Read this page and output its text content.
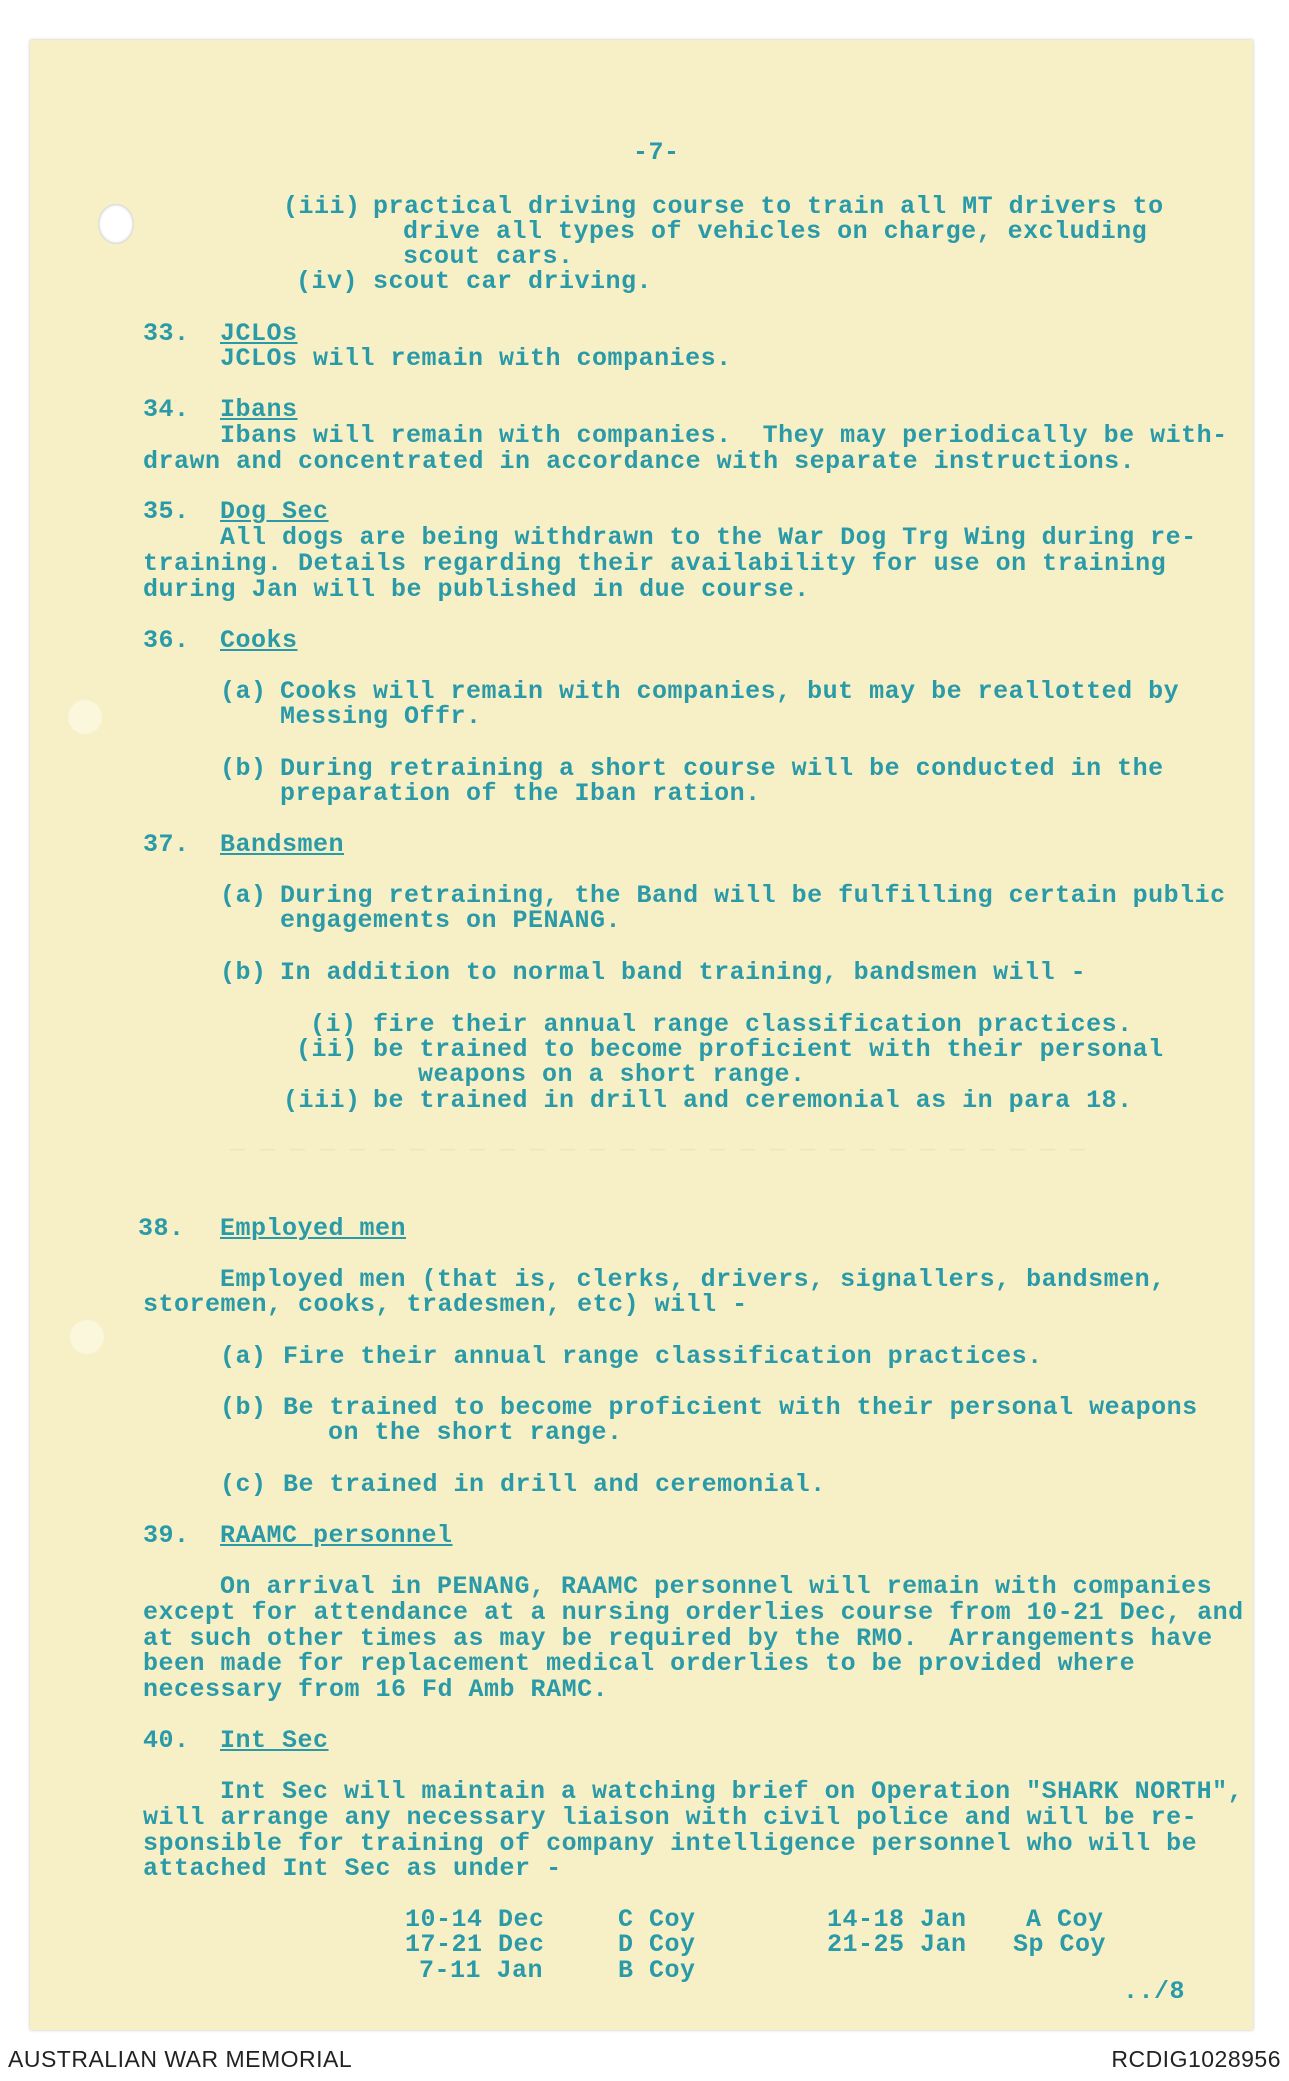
— — — — — — — — — — — — — — — — — — — — — — — — — — — — —
-7-
(iii) practical driving course to train all MT drivers to
drive all types of vehicles on charge, excluding
scout cars.
(iv) scout car driving.
33. JCLOs
JCLOs will remain with companies.
34. Ibans
Ibans will remain with companies.  They may periodically be with-
drawn and concentrated in accordance with separate instructions.
35. Dog Sec
All dogs are being withdrawn to the War Dog Trg Wing during re-
training. Details regarding their availability for use on training
during Jan will be published in due course.
36. Cooks
(a) Cooks will remain with companies, but may be reallotted by
Messing Offr.
(b) During retraining a short course will be conducted in the
preparation of the Iban ration.
37. Bandsmen
(a) During retraining, the Band will be fulfilling certain public
engagements on PENANG.
(b) In addition to normal band training, bandsmen will -
(i) fire their annual range classification practices.
(ii) be trained to become proficient with their personal
weapons on a short range.
(iii) be trained in drill and ceremonial as in para 18.
38. Employed men
Employed men (that is, clerks, drivers, signallers, bandsmen,
storemen, cooks, tradesmen, etc) will -
(a) Fire their annual range classification practices.
(b) Be trained to become proficient with their personal weapons
on the short range.
(c) Be trained in drill and ceremonial.
39. RAAMC personnel
On arrival in PENANG, RAAMC personnel will remain with companies
except for attendance at a nursing orderlies course from 10-21 Dec, and
at such other times as may be required by the RMO.  Arrangements have
been made for replacement medical orderlies to be provided where
necessary from 16 Fd Amb RAMC.
40. Int Sec
Int Sec will maintain a watching brief on Operation "SHARK NORTH",
will arrange any necessary liaison with civil police and will be re-
sponsible for training of company intelligence personnel who will be
attached Int Sec as under -
10-14 Dec	C Coy
17-21 Dec	D Coy
7-11 Jan	B Coy
14-18 Jan A Coy
21-25 Jan Sp Coy
../8
AUSTRALIAN WAR MEMORIAL	RCDIG1028956
